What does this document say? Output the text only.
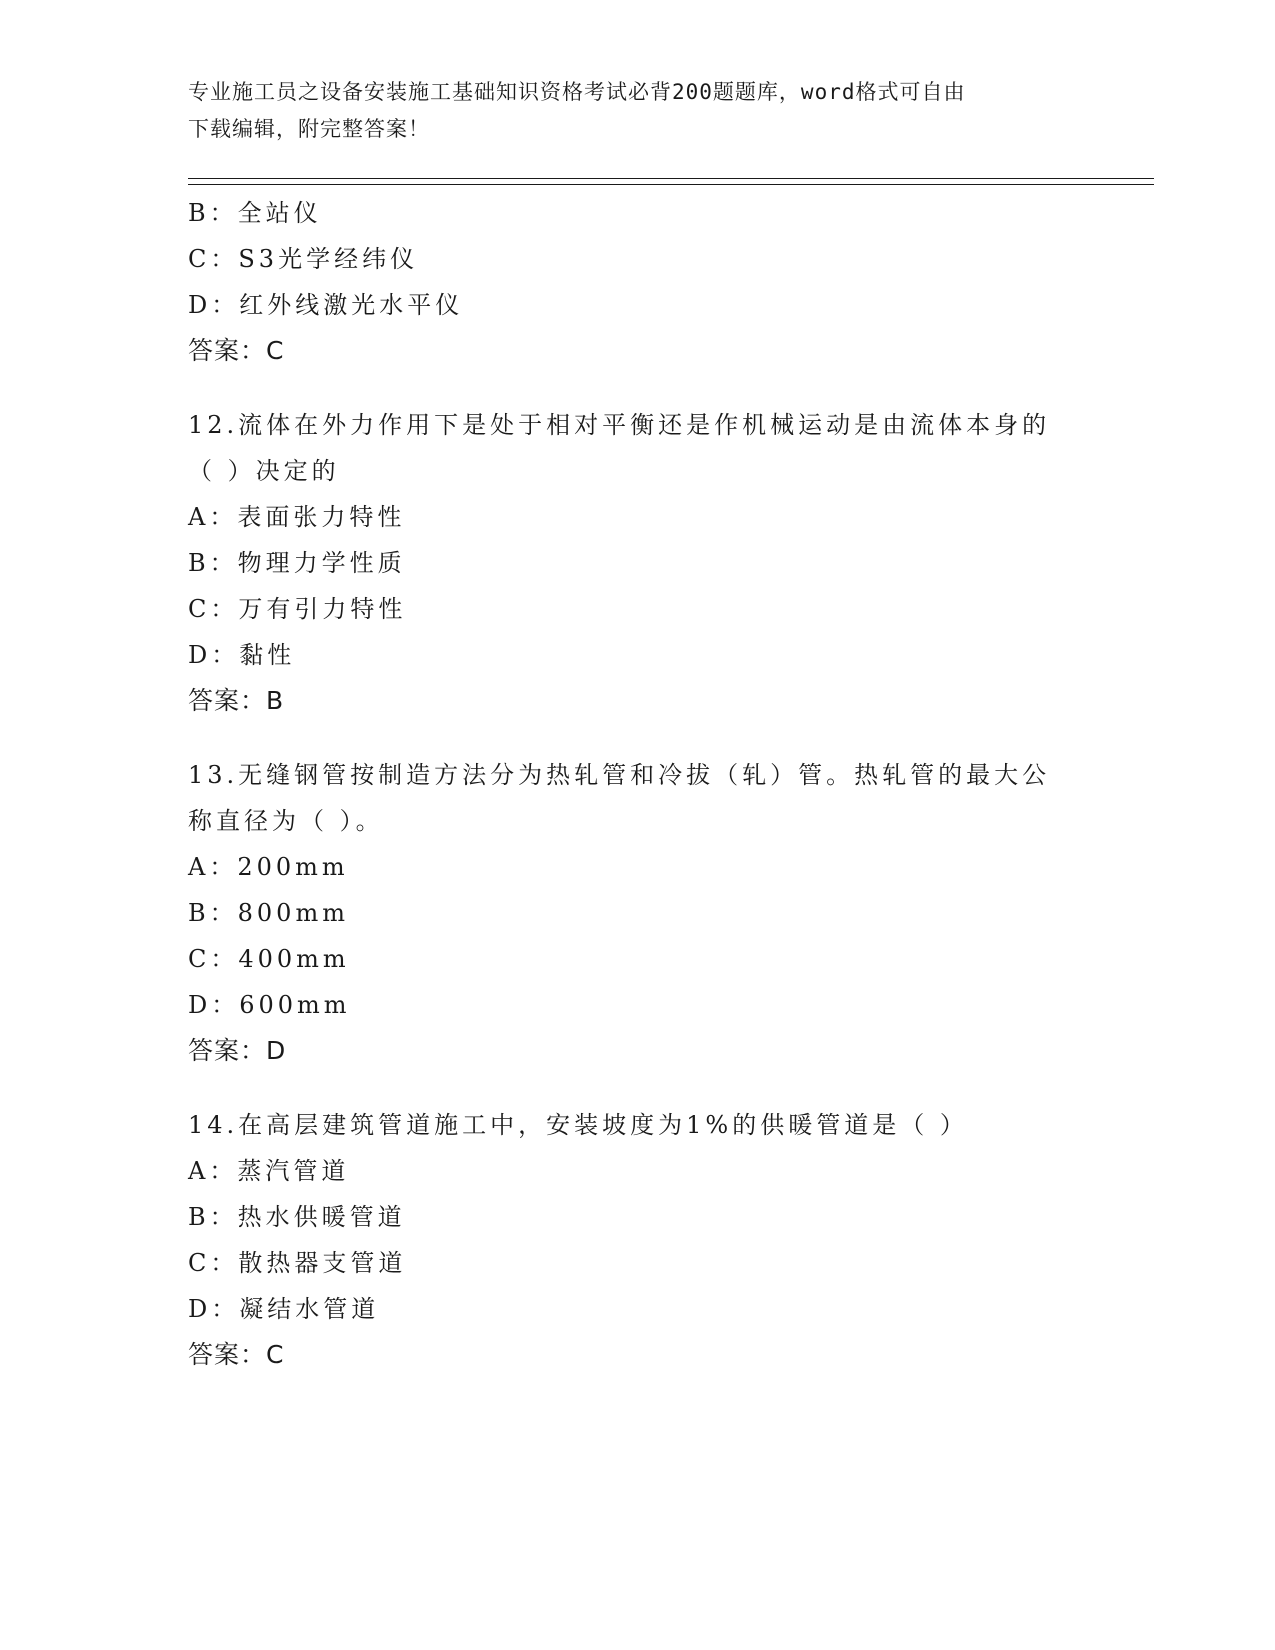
专业施工员之设备安装施工基础知识资格考试必背200题题库，word格式可自由
下载编辑，附完整答案！
B：全站仪
C：S3光学经纬仪
D：红外线激光水平仪
答案：C
12.流体在外力作用下是处于相对平衡还是作机械运动是由流体本身的
（ ）决定的
A：表面张力特性
B：物理力学性质
C：万有引力特性
D：黏性
答案：B
13.无缝钢管按制造方法分为热轧管和冷拔（轧）管。热轧管的最大公
称直径为（ ）。
A：200mm
B：800mm
C：400mm
D：600mm
答案：D
14.在高层建筑管道施工中，安装坡度为1%的供暖管道是（ ）
A：蒸汽管道
B：热水供暖管道
C：散热器支管道
D：凝结水管道
答案：C
